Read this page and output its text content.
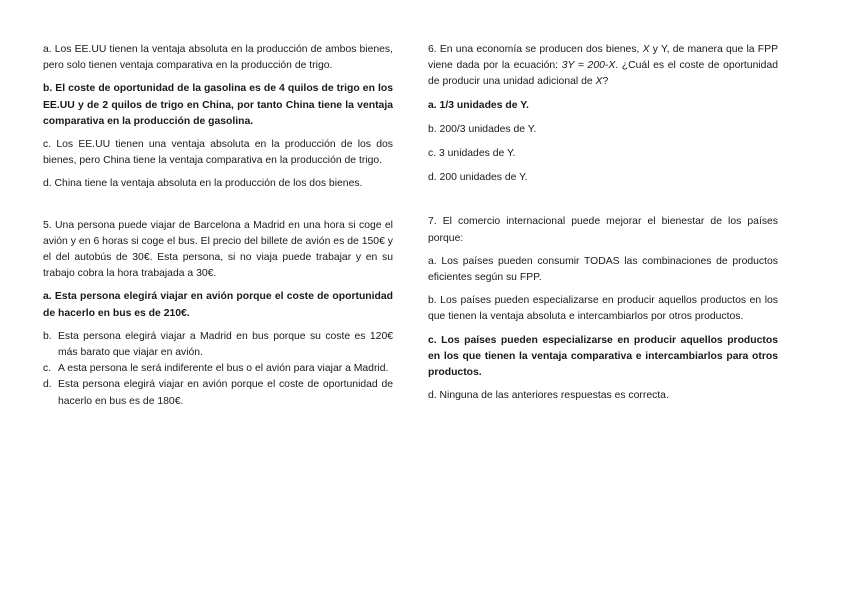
a. Los EE.UU tienen la ventaja absoluta en la producción de ambos bienes, pero solo tienen ventaja comparativa en la producción de trigo.

b. El coste de oportunidad de la gasolina es de 4 quilos de trigo en los EE.UU y de 2 quilos de trigo en China, por tanto China tiene la ventaja comparativa en la producción de gasolina.

c. Los EE.UU tienen una ventaja absoluta en la producción de los dos bienes, pero China tiene la ventaja comparativa en la producción de trigo.

d. China tiene la ventaja absoluta en la producción de los dos bienes.

5. Una persona puede viajar de Barcelona a Madrid en una hora si coge el avión y en 6 horas si coge el bus. El precio del billete de avión es de 150€ y el del autobús de 30€. Esta persona, si no viaja puede trabajar y en su trabajo cobra la hora trabajada a 30€.

a. Esta persona elegirá viajar en avión porque el coste de oportunidad de hacerlo en bus es de 210€.

b. Esta persona elegirá viajar a Madrid en bus porque su coste es 120€ más barato que viajar en avión.
c. A esta persona le será indiferente el bus o el avión para viajar a Madrid.
d. Esta persona elegirá viajar en avión porque el coste de oportunidad de hacerlo en bus es de 180€.

6. En una economía se producen dos bienes, X y Y, de manera que la FPP viene dada por la ecuación: 3Y = 200-X. ¿Cuál es el coste de oportunidad de producir una unidad adicional de X?

a. 1/3 unidades de Y.

b. 200/3 unidades de Y.

c. 3 unidades de Y.

d. 200 unidades de Y.

7. El comercio internacional puede mejorar el bienestar de los países porque:

a. Los países pueden consumir TODAS las combinaciones de productos eficientes según su FPP.

b. Los países pueden especializarse en producir aquellos productos en los que tienen la ventaja absoluta e intercambiarlos por otros productos.

c. Los países pueden especializarse en producir aquellos productos en los que tienen la ventaja comparativa e intercambiarlos para otros productos.

d. Ninguna de las anteriores respuestas es correcta.
